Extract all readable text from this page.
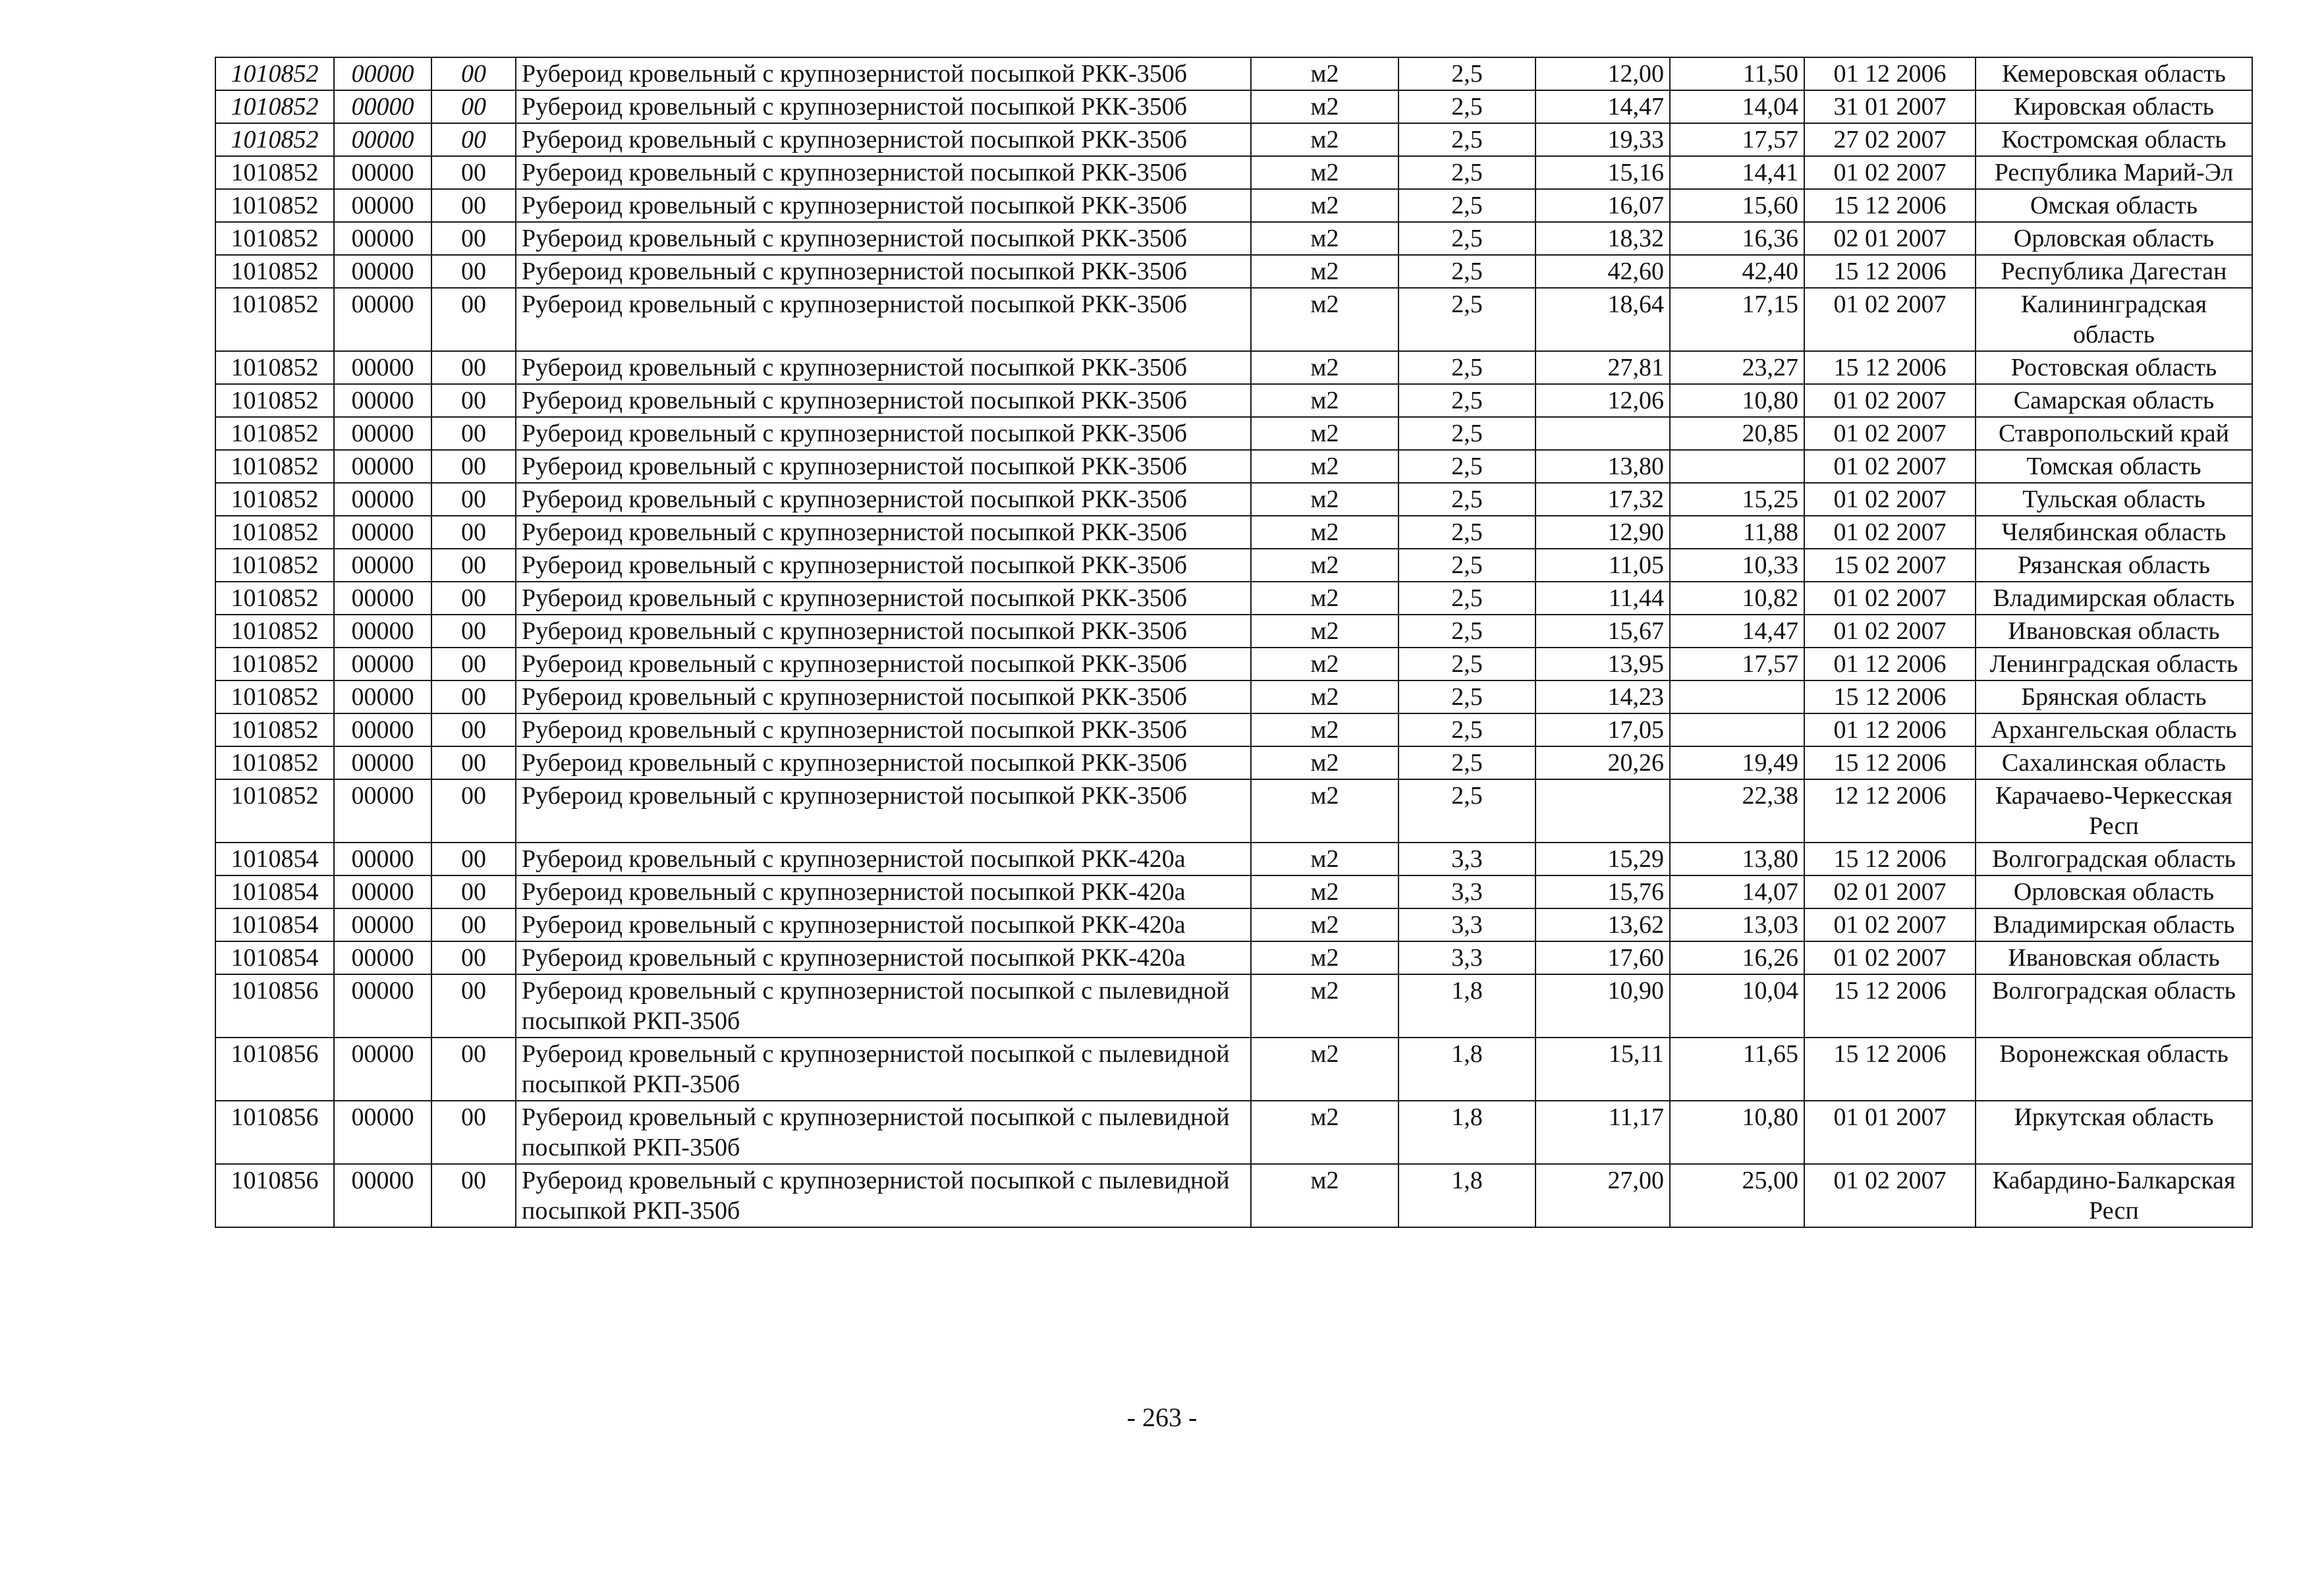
1010852	00000	00	Рубероид кровельный с крупнозернистой посыпкой РКК-350б	м2	2,5	12,00	11,50	01 12 2006	Кемеровская область
1010852	00000	00	Рубероид кровельный с крупнозернистой посыпкой РКК-350б	м2	2,5	14,47	14,04	31 01 2007	Кировская область
1010852	00000	00	Рубероид кровельный с крупнозернистой посыпкой РКК-350б	м2	2,5	19,33	17,57	27 02 2007	Костромская область
1010852	00000	00	Рубероид кровельный с крупнозернистой посыпкой РКК-350б	м2	2,5	15,16	14,41	01 02 2007	Республика Марий-Эл
1010852	00000	00	Рубероид кровельный с крупнозернистой посыпкой РКК-350б	м2	2,5	16,07	15,60	15 12 2006	Омская область
1010852	00000	00	Рубероид кровельный с крупнозернистой посыпкой РКК-350б	м2	2,5	18,32	16,36	02 01 2007	Орловская область
1010852	00000	00	Рубероид кровельный с крупнозернистой посыпкой РКК-350б	м2	2,5	42,60	42,40	15 12 2006	Республика Дагестан
1010852	00000	00	Рубероид кровельный с крупнозернистой посыпкой РКК-350б	м2	2,5	18,64	17,15	01 02 2007	Калининградская область
1010852	00000	00	Рубероид кровельный с крупнозернистой посыпкой РКК-350б	м2	2,5	27,81	23,27	15 12 2006	Ростовская область
1010852	00000	00	Рубероид кровельный с крупнозернистой посыпкой РКК-350б	м2	2,5	12,06	10,80	01 02 2007	Самарская область
1010852	00000	00	Рубероид кровельный с крупнозернистой посыпкой РКК-350б	м2	2,5		20,85	01 02 2007	Ставропольский край
1010852	00000	00	Рубероид кровельный с крупнозернистой посыпкой РКК-350б	м2	2,5	13,80		01 02 2007	Томская область
1010852	00000	00	Рубероид кровельный с крупнозернистой посыпкой РКК-350б	м2	2,5	17,32	15,25	01 02 2007	Тульская область
1010852	00000	00	Рубероид кровельный с крупнозернистой посыпкой РКК-350б	м2	2,5	12,90	11,88	01 02 2007	Челябинская область
1010852	00000	00	Рубероид кровельный с крупнозернистой посыпкой РКК-350б	м2	2,5	11,05	10,33	15 02 2007	Рязанская область
1010852	00000	00	Рубероид кровельный с крупнозернистой посыпкой РКК-350б	м2	2,5	11,44	10,82	01 02 2007	Владимирская область
1010852	00000	00	Рубероид кровельный с крупнозернистой посыпкой РКК-350б	м2	2,5	15,67	14,47	01 02 2007	Ивановская область
1010852	00000	00	Рубероид кровельный с крупнозернистой посыпкой РКК-350б	м2	2,5	13,95	17,57	01 12 2006	Ленинградская область
1010852	00000	00	Рубероид кровельный с крупнозернистой посыпкой РКК-350б	м2	2,5	14,23		15 12 2006	Брянская область
1010852	00000	00	Рубероид кровельный с крупнозернистой посыпкой РКК-350б	м2	2,5	17,05		01 12 2006	Архангельская область
1010852	00000	00	Рубероид кровельный с крупнозернистой посыпкой РКК-350б	м2	2,5	20,26	19,49	15 12 2006	Сахалинская область
1010852	00000	00	Рубероид кровельный с крупнозернистой посыпкой РКК-350б	м2	2,5		22,38	12 12 2006	Карачаево-Черкесская Респ
1010854	00000	00	Рубероид кровельный с крупнозернистой посыпкой РКК-420а	м2	3,3	15,29	13,80	15 12 2006	Волгоградская область
1010854	00000	00	Рубероид кровельный с крупнозернистой посыпкой РКК-420а	м2	3,3	15,76	14,07	02 01 2007	Орловская область
1010854	00000	00	Рубероид кровельный с крупнозернистой посыпкой РКК-420а	м2	3,3	13,62	13,03	01 02 2007	Владимирская область
1010854	00000	00	Рубероид кровельный с крупнозернистой посыпкой РКК-420а	м2	3,3	17,60	16,26	01 02 2007	Ивановская область
1010856	00000	00	Рубероид кровельный с крупнозернистой посыпкой с пылевидной посыпкой РКП-350б	м2	1,8	10,90	10,04	15 12 2006	Волгоградская область
1010856	00000	00	Рубероид кровельный с крупнозернистой посыпкой с пылевидной посыпкой РКП-350б	м2	1,8	15,11	11,65	15 12 2006	Воронежская область
1010856	00000	00	Рубероид кровельный с крупнозернистой посыпкой с пылевидной посыпкой РКП-350б	м2	1,8	11,17	10,80	01 01 2007	Иркутская область
1010856	00000	00	Рубероид кровельный с крупнозернистой посыпкой с пылевидной посыпкой РКП-350б	м2	1,8	27,00	25,00	01 02 2007	Кабардино-Балкарская Респ
- 263 -
